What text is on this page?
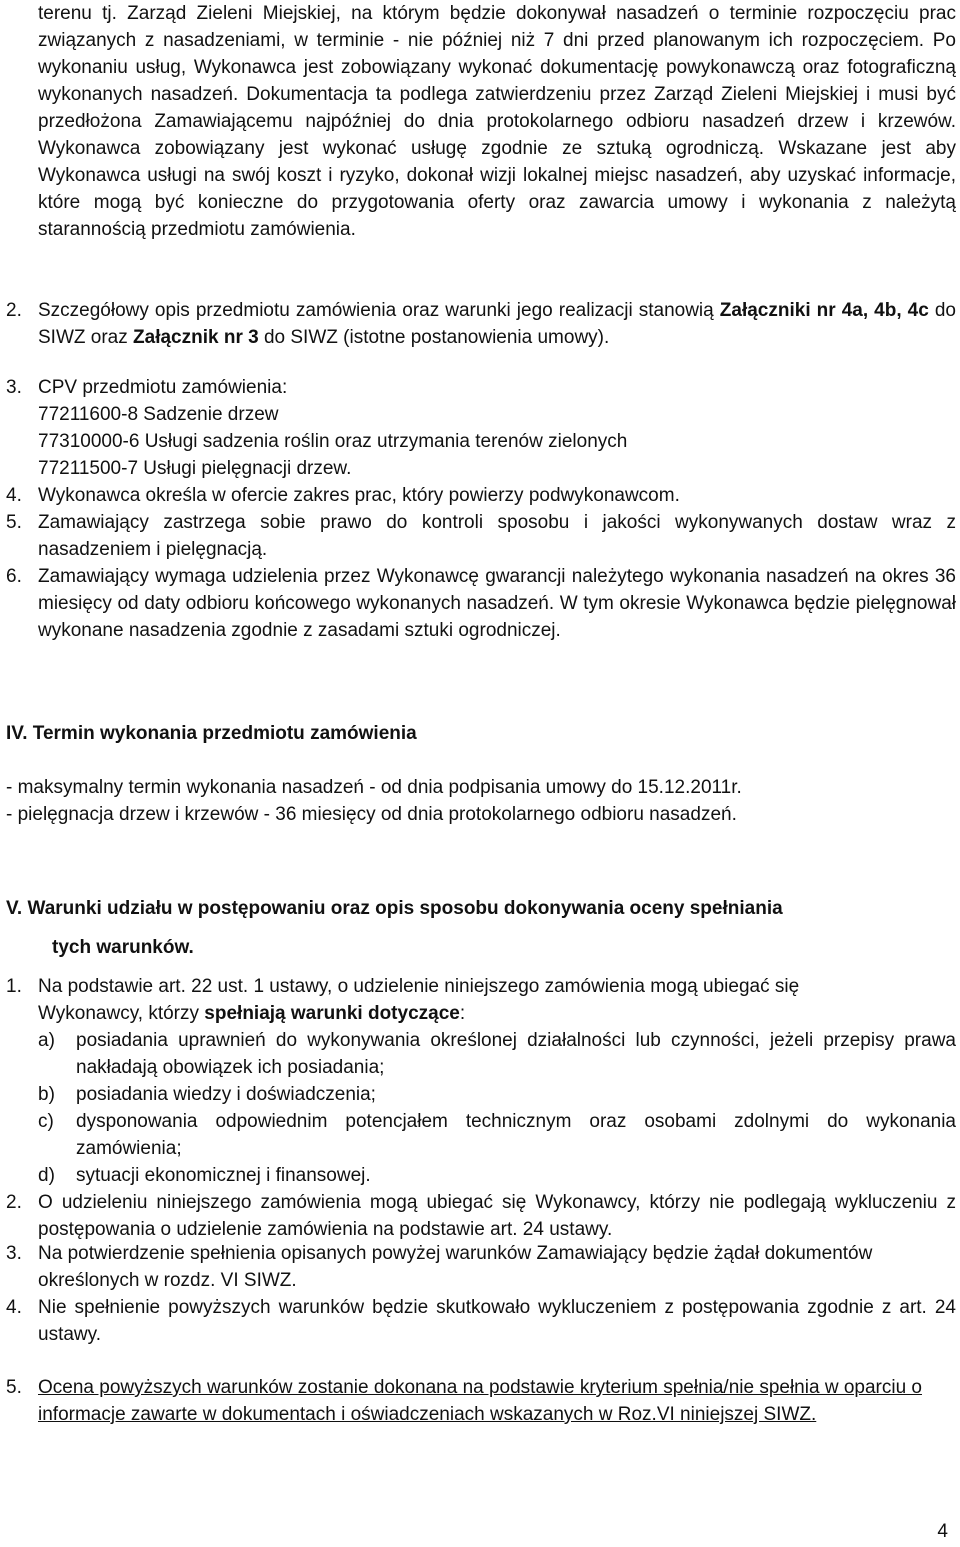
terenu tj. Zarząd Zieleni Miejskiej, na którym będzie dokonywał nasadzeń o terminie rozpoczęciu prac związanych z nasadzeniami, w terminie - nie później niż 7 dni przed planowanym ich rozpoczęciem. Po wykonaniu usług, Wykonawca jest zobowiązany wykonać dokumentację powykonawczą oraz fotograficzną wykonanych nasadzeń. Dokumentacja ta podlega zatwierdzeniu przez Zarząd Zieleni Miejskiej i musi być przedłożona Zamawiającemu najpóźniej do dnia protokolarnego odbioru nasadzeń drzew i krzewów. Wykonawca zobowiązany jest wykonać usługę zgodnie ze sztuką ogrodniczą. Wskazane jest aby Wykonawca usługi na swój koszt i ryzyko, dokonał wizji lokalnej miejsc nasadzeń, aby uzyskać informacje, które mogą być konieczne do przygotowania oferty oraz zawarcia umowy i wykonania z należytą starannością przedmiotu zamówienia.

2. Szczegółowy opis przedmiotu zamówienia oraz warunki jego realizacji stanowią Załączniki nr 4a, 4b, 4c do SIWZ oraz Załącznik nr 3 do SIWZ (istotne postanowienia umowy).

3. CPV przedmiotu zamówienia:

77211600-8 Sadzenie drzew

77310000-6 Usługi sadzenia roślin oraz utrzymania terenów zielonych

77211500-7 Usługi pielęgnacji drzew.

4. Wykonawca określa w ofercie zakres prac, który powierzy podwykonawcom.

5. Zamawiający zastrzega sobie prawo do kontroli sposobu i jakości wykonywanych dostaw wraz z nasadzeniem i pielęgnacją.

6. Zamawiający wymaga udzielenia przez Wykonawcę gwarancji należytego wykonania nasadzeń na okres 36 miesięcy od daty odbioru końcowego wykonanych nasadzeń. W tym okresie Wykonawca będzie pielęgnował wykonane nasadzenia zgodnie z zasadami sztuki ogrodniczej.

IV. Termin wykonania przedmiotu zamówienia

- maksymalny termin wykonania nasadzeń - od dnia podpisania umowy do 15.12.2011r.

- pielęgnacja drzew i krzewów - 36 miesięcy od dnia protokolarnego odbioru nasadzeń.

V. Warunki udziału w postępowaniu oraz opis sposobu dokonywania oceny spełniania

tych warunków.

1. Na podstawie art. 22 ust. 1 ustawy, o udzielenie niniejszego zamówienia mogą ubiegać się Wykonawcy, którzy spełniają warunki dotyczące:

a) posiadania uprawnień do wykonywania określonej działalności lub czynności, jeżeli przepisy prawa nakładają obowiązek ich posiadania;
b) posiadania wiedzy i doświadczenia;
c) dysponowania odpowiednim potencjałem technicznym oraz osobami zdolnymi do wykonania zamówienia;
d) sytuacji ekonomicznej i finansowej.
2. O udzieleniu niniejszego zamówienia mogą ubiegać się Wykonawcy, którzy nie podlegają wykluczeniu z postępowania o udzielenie zamówienia na podstawie art. 24 ustawy.

3. Na potwierdzenie spełnienia opisanych powyżej warunków Zamawiający będzie żądał dokumentów określonych w rozdz. VI SIWZ.

4. Nie spełnienie powyższych warunków będzie skutkowało wykluczeniem z postępowania zgodnie z art. 24 ustawy.

5. Ocena powyższych warunków zostanie dokonana na podstawie kryterium spełnia/nie spełnia w oparciu o informacje zawarte w dokumentach i oświadczeniach wskazanych w Roz.VI niniejszej SIWZ.

4
